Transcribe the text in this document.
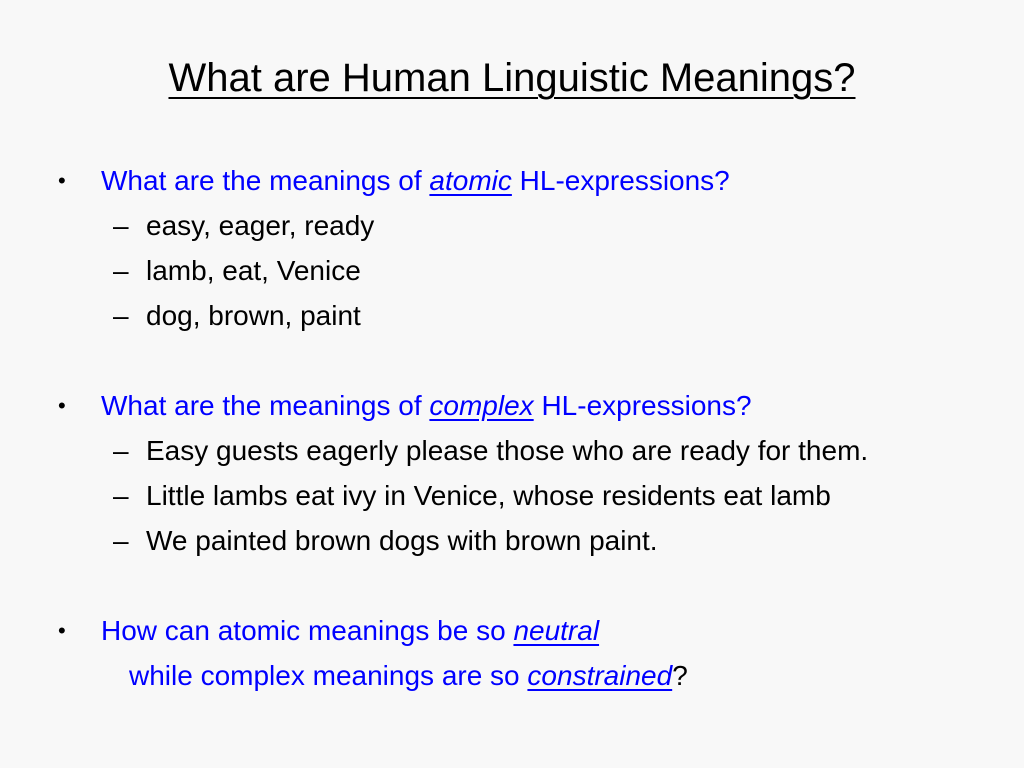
What are Human Linguistic Meanings?
• What are the meanings of atomic HL-expressions?
– easy, eager, ready
– lamb, eat, Venice
– dog, brown, paint
• What are the meanings of complex HL-expressions?
– Easy guests eagerly please those who are ready for them.
– Little lambs eat ivy in Venice, whose residents eat lamb
– We painted brown dogs with brown paint.
• How can atomic meanings be so neutral
while complex meanings are so constrained?
